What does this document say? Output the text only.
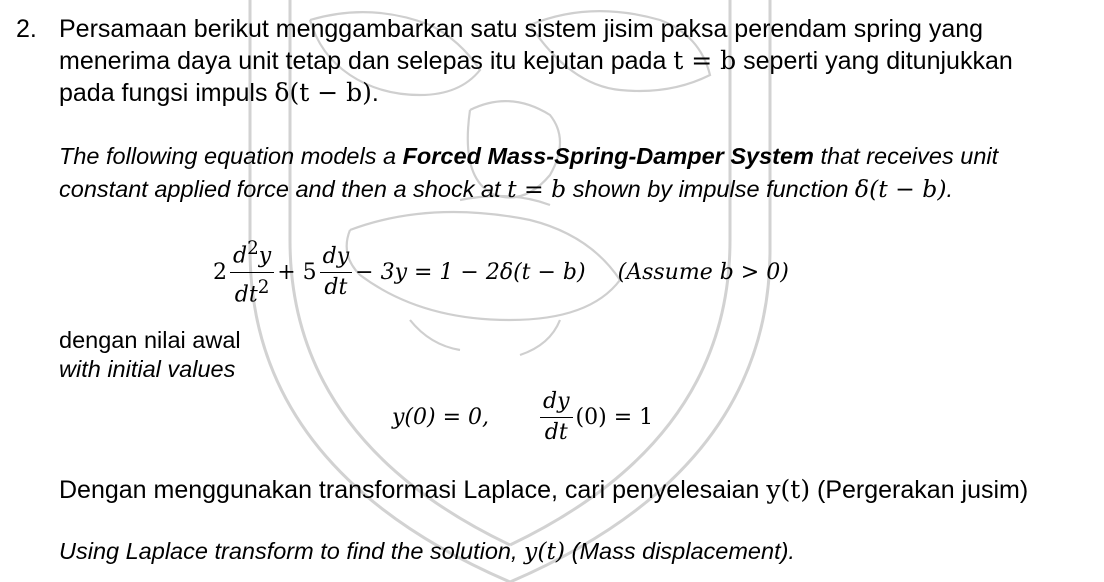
2. Persamaan berikut menggambarkan satu sistem jisim paksa perendam spring yang menerima daya unit tetap dan selepas itu kejutan pada t = b seperti yang ditunjukkan pada fungsi impuls δ(t − b).
The following equation models a Forced Mass-Spring-Damper System that receives unit constant applied force and then a shock at t = b shown by impulse function δ(t − b).
$2 \frac{d^2y}{dt^2} + 5 \frac{dy}{dt} - 3y = 1 - 2\delta(t - b)$ (Assume b > 0)
dengan nilai awal
with initial values
y(0) = 0, $\frac{dy}{dt} (0) = 1$
Dengan menggunakan transformasi Laplace, cari penyelesaian y(t) (Pergerakan jusim)
Using Laplace transform to find the solution, y(t) (Mass displacement).
